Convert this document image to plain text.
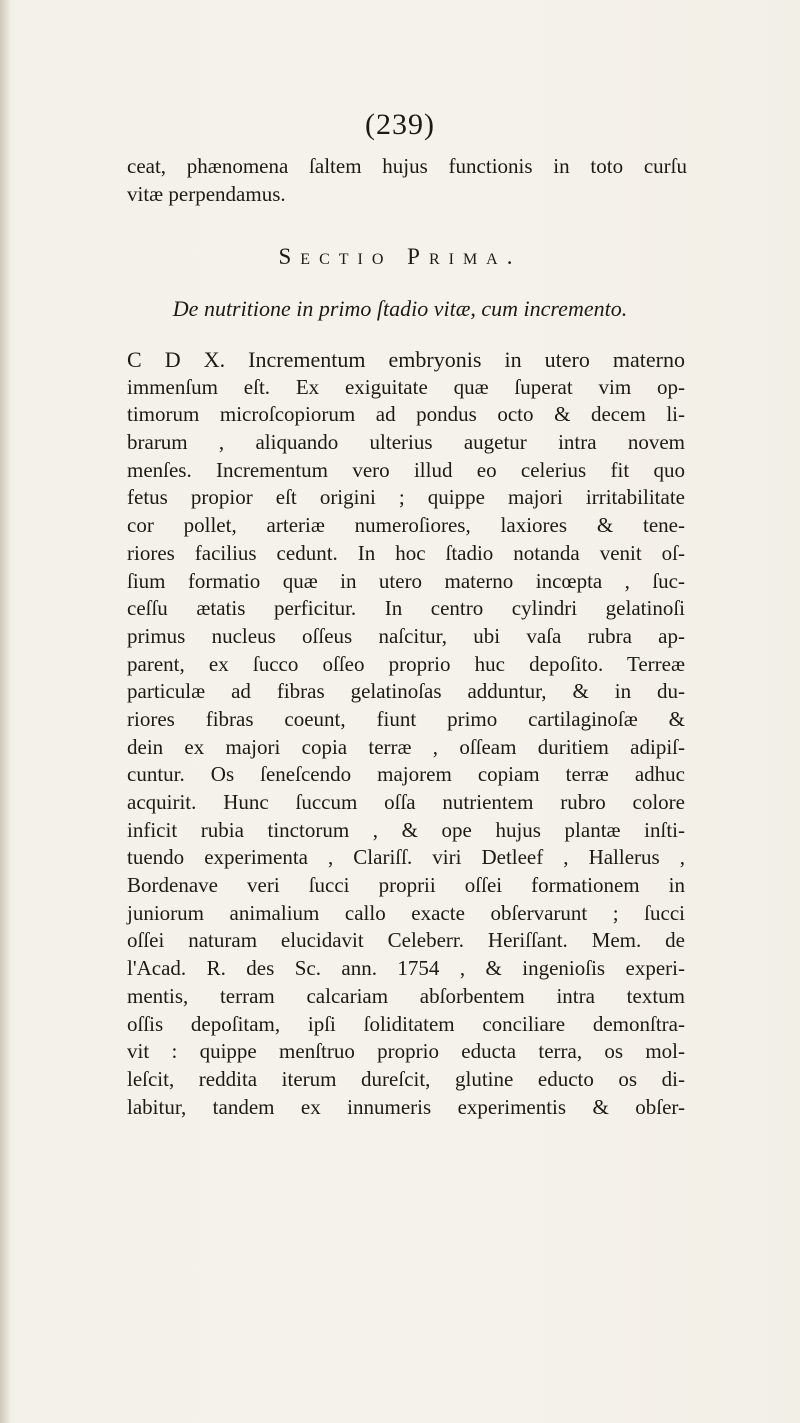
(239)
ceat, phænomena ſaltem hujus functionis in toto curſu
vitæ perpendamus.
Sectio Prima.
De nutritione in primo ſtadio vitæ, cum incremento.
C D X. Incrementum embryonis in utero materno
immenſum eſt. Ex exiguitate quæ ſuperat vim op-
timorum microſcopiorum ad pondus octo & decem li-
brarum , aliquando ulterius augetur intra novem
menſes. Incrementum vero illud eo celerius fit quo
fetus propior eſt origini ; quippe majori irritabilitate
cor pollet, arteriæ numeroſiores, laxiores & tene-
riores facilius cedunt. In hoc ſtadio notanda venit oſ-
ſium formatio quæ in utero materno incœpta , ſuc-
ceſſu ætatis perficitur. In centro cylindri gelatinoſi
primus nucleus oſſeus naſcitur, ubi vaſa rubra ap-
parent, ex ſucco oſſeo proprio huc depoſito. Terreæ
particulæ ad fibras gelatinoſas adduntur, & in du-
riores fibras coeunt, fiunt primo cartilaginoſæ &
dein ex majori copia terræ , oſſeam duritiem adipiſ-
cuntur. Os ſeneſcendo majorem copiam terræ adhuc
acquirit. Hunc ſuccum oſſa nutrientem rubro colore
inficit rubia tinctorum , & ope hujus plantæ inſti-
tuendo experimenta , Clariſſ. viri Detleef , Hallerus ,
Bordenave veri ſucci proprii oſſei formationem in
juniorum animalium callo exacte obſervarunt ; ſucci
oſſei naturam elucidavit Celeberr. Heriſſant. Mem. de
l'Acad. R. des Sc. ann. 1754 , & ingenioſis experi-
mentis, terram calcariam abſorbentem intra textum
oſſis depoſitam, ipſi ſoliditatem conciliare demonſtra-
vit : quippe menſtruo proprio educta terra, os mol-
leſcit, reddita iterum dureſcit, glutine educto os di-
labitur, tandem ex innumeris experimentis & obſer-
